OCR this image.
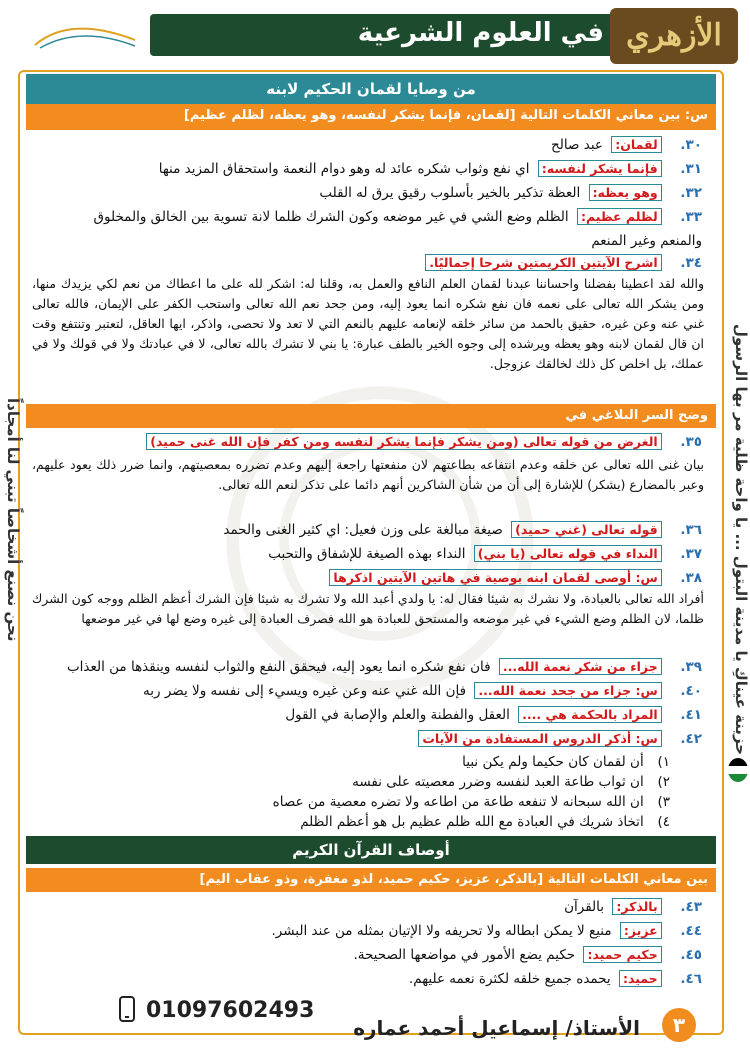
في العلوم الشرعية الأزهري
نحن نصنع أشخاصاً تبني لنا أمجاداً	حزينة عيناكِ يا مدينة البتول ... يا واحة ظلية مر بها الرسول
من وصايا لقمان الحكيم لابنه
س: بين معاني الكلمات التالية [لقمان، فإنما يشكر لنفسه، وهو يعظه، لظلم عظيم]
٣٠. لقمان: عبد صالح
٣١. فإنما يشكر لنفسه: اي نفع وثواب شكره عائد له وهو دوام النعمة واستحقاق المزيد منها
٣٢. وهو يعظه: العظة تذكير بالخير بأسلوب رقيق يرق له القلب
٣٣. لظلم عظيم: الظلم وضع الشي في غير موضعه وكون الشرك ظلما لانة تسوية بين الخالق والمخلوق
والمنعم وغير المنعم
٣٤. اشرح الآيتين الكريمتين شرحا إجماليًا.
والله لقد اعطينا بفضلنا واحساننا عبدنا لقمان العلم النافع والعمل به، وقلنا له: اشكر لله على ما اعطاك من نعم لكي يزيدك منها، ومن يشكر الله تعالى على نعمه فان نفع شكره انما يعود إليه، ومن جحد نعم الله تعالى واستحب الكفر على الإيمان، فالله تعالى غني عنه وعن غيره، حقيق بالحمد من سائر خلقه لإنعامه عليهم بالنعم التي لا تعد ولا تحصى، واذكر، ايها العاقل، لتعتبر وتنتفع وقت ان قال لقمان لابنه وهو يعظه ويرشده إلى وجوه الخير بالطف عبارة: يا بني لا تشرك بالله تعالى، لا في عبادتك ولا في قولك ولا في عملك، بل اخلص كل ذلك لخالقك عزوجل.
وضح السر البلاغي في
٣٥. الغرض من قوله تعالى (ومن يشكر فإنما يشكر لنفسه ومن كفر فإن الله غنى حميد)
بيان غنى الله تعالى عن خلقه وعدم انتفاعه بطاعتهم لان منفعتها راجعة إليهم وعدم تضرره بمعصيتهم، وانما ضرر ذلك يعود عليهم، وعبر بالمضارع (يشكر) للإشارة إلى أن من شأن الشاكرين أنهم دائما على تذكر لنعم الله تعالى.
٣٦. قوله تعالى (غني حميد) صيغة مبالغة على وزن فعيل: اي كثير الغنى والحمد
٣٧. النداء في قوله تعالى (يا بني) النداء بهذه الصيغة للإشفاق والتحبب
٣٨. س: أوصى لقمان ابنه بوصية في هاتين الآيتين اذكرها
أفراد الله تعالى بالعبادة، ولا نشرك به شيئا فقال له: يا ولدي أعبد الله ولا تشرك به شيئا فإن الشرك أعظم الظلم ووجه كون الشرك ظلما، لان الظلم وضع الشيء في غير موضعه والمستحق للعبادة هو الله فصرف العبادة إلى غيره وضع لها في غير موضعها
٣٩. جزاء من شكر نعمة الله... فان نفع شكره انما يعود إليه، فيحقق النفع والثواب لنفسه وينقذها من العذاب
٤٠. س: جزاء من جحد نعمة الله... فإن الله غني عنه وعن غيره ويسيء إلى نفسه ولا يضر ربه
٤١. المراد بالحكمة هي .... العقل والفطنة والعلم والإصابة في القول
٤٢. س: أذكر الدروس المستفادة من الآيات
١) أن لقمان كان حكيما ولم يكن نبيا
٢) ان ثواب طاعة العبد لنفسه وضرر معصيته على نفسه
٣) ان الله سبحانه لا تنفعه طاعة من اطاعه ولا تضره معصية من عصاه
٤) اتخاذ شريك في العبادة مع الله ظلم عظيم بل هو أعظم الظلم
أوصاف القرآن الكريم
بين معاني الكلمات التالية [بالذكر، عزيز، حكيم حميد، لذو مغفرة، وذو عقاب اليم]
٤٣. بالذكر: بالقرآن
٤٤. عزيز: منيع لا يمكن ابطاله ولا تحريفه ولا الإتيان بمثله من عند البشر.
٤٥. حكيم حميد: حكيم يضع الأمور في مواضعها الصحيحة.
٤٦. حميد: يحمده جميع خلقه لكثرة نعمه عليهم.
01097602493
الأستاذ/ إسماعيل أحمد عماره	٣
